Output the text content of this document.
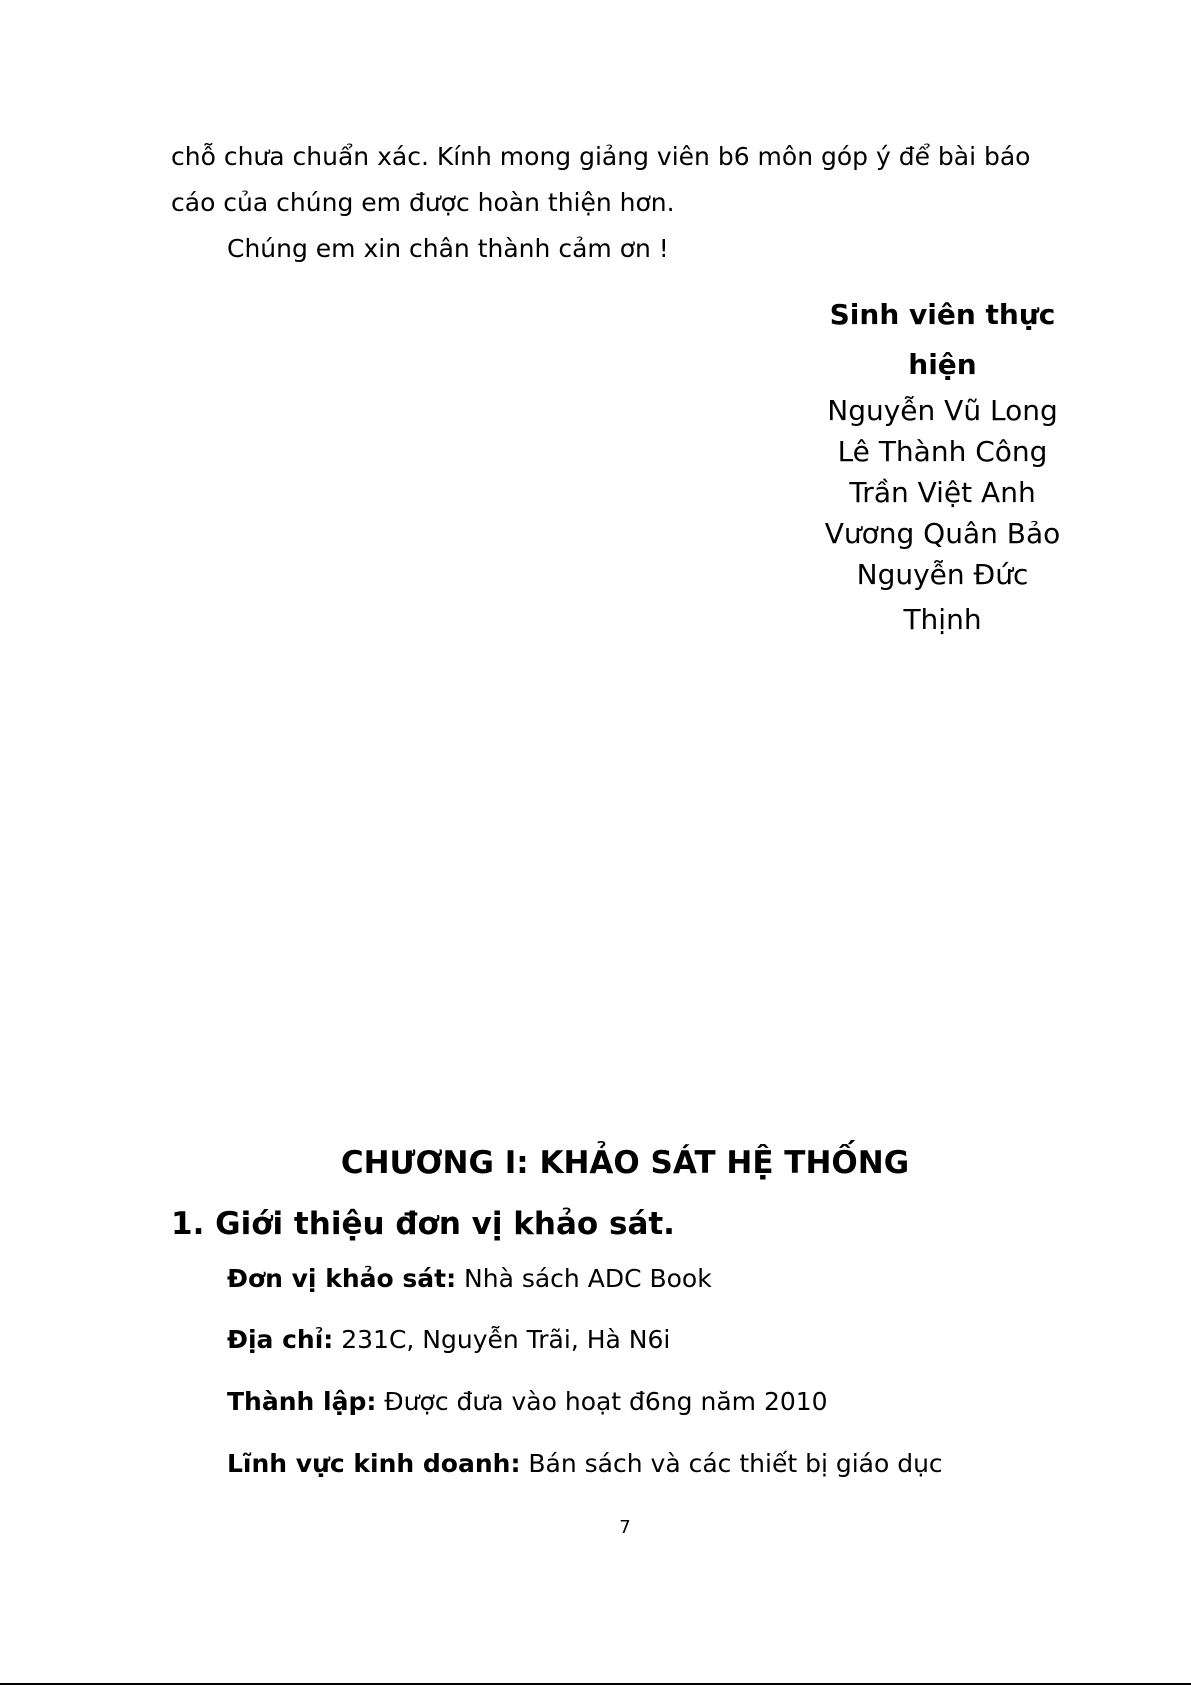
chỗ chưa chuẩn xác. Kính mong giảng viên b6 môn góp ý để bài báo
cáo của chúng em được hoàn thiện hơn.
Chúng em xin chân thành cảm ơn !
Sinh viên thực
hiện
Nguyễn Vũ Long
Lê Thành Công
Trần Việt Anh
Vương Quân Bảo
Nguyễn Đức
Thịnh
CHƯƠNG I: KHẢO SÁT HỆ THỐNG
1. Giới thiệu đơn vị khảo sát.
Đơn vị khảo sát: Nhà sách ADC Book
Địa chỉ: 231C, Nguyễn Trãi, Hà N6i
Thành lập: Được đưa vào hoạt đ6ng năm 2010
Lĩnh vực kinh doanh: Bán sách và các thiết bị giáo dục
7
